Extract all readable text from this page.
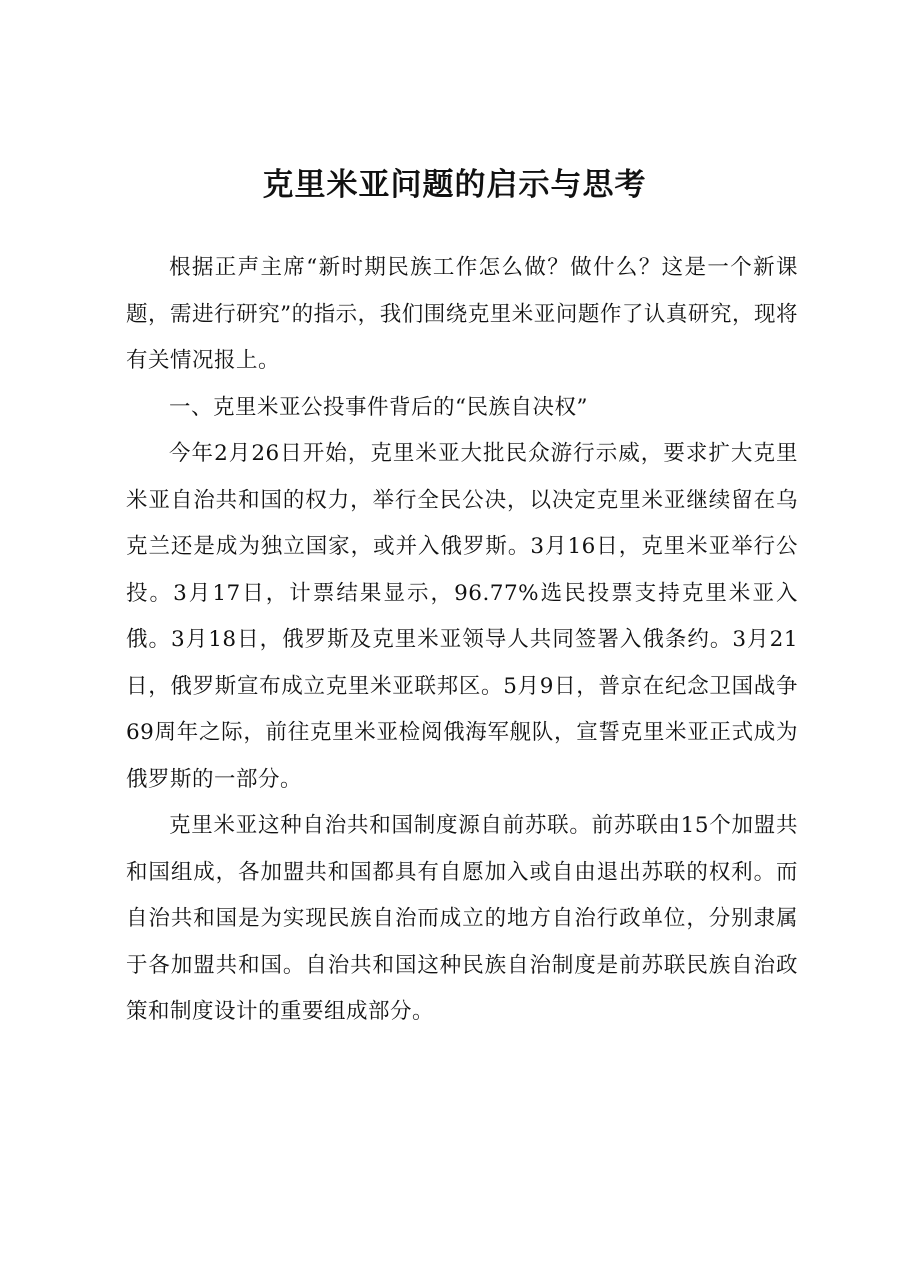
克里米亚问题的启示与思考

根据正声主席“新时期民族工作怎么做？做什么？这是一个新课题，需进行研究”的指示，我们围绕克里米亚问题作了认真研究，现将有关情况报上。

一、克里米亚公投事件背后的“民族自决权”

今年2月26日开始，克里米亚大批民众游行示威，要求扩大克里米亚自治共和国的权力，举行全民公决，以决定克里米亚继续留在乌克兰还是成为独立国家，或并入俄罗斯。3月16日，克里米亚举行公投。3月17日，计票结果显示，96.77%选民投票支持克里米亚入俄。3月18日，俄罗斯及克里米亚领导人共同签署入俄条约。3月21日，俄罗斯宣布成立克里米亚联邦区。5月9日，普京在纪念卫国战争69周年之际，前往克里米亚检阅俄海军舰队，宣誓克里米亚正式成为俄罗斯的一部分。

克里米亚这种自治共和国制度源自前苏联。前苏联由15个加盟共和国组成，各加盟共和国都具有自愿加入或自由退出苏联的权利。而自治共和国是为实现民族自治而成立的地方自治行政单位，分别隶属于各加盟共和国。自治共和国这种民族自治制度是前苏联民族自治政策和制度设计的重要组成部分。
